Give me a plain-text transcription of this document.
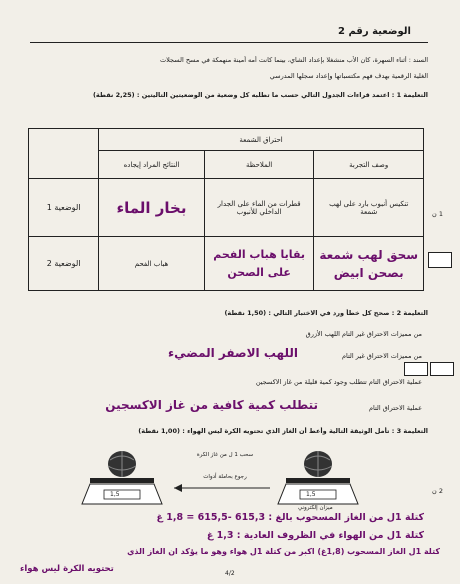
الوضعية رقم 2
السند : أثناء السهرة، كان الأب منشغلا بإعداد الشاي، بينما كانت أمه أمينة منهمكة في مسح السجلات
الغلية الرقمية بهدف فهم مكتسباتها وإعداد سجلها المدرسي
التعليمة 1 : اعتمد قراءات الجدول التالي حسب ما تطلبه كل وضعية من الوضعيتين التاليتين : (2,25 نقطة)
احتراق الشمعة			
وصف التجربة	الملاحظة	النتائج المراد إيجاده	
تنكيس أنبوب بارد على لهب شمعة	قطرات من الماء على الجدار الداخلي للأنبوب	بخار الماء	الوضعية 1
سحق لهب شمعة بصحن ابيض	بقايا هباب الفحم على الصحن	هباب الفحم	الوضعية 2
1 ن
2 ن
التعليمة 2 : صحح كل خطأ ورد في الاختبار التالي : (1,50 نقطة)
من مميزات الاحتراق غير التام اللهب الأزرق
من مميزات الاحتراق غير التام
اللهب الاصفر المضيء
عملية الاحتراق التام تتطلب وجود كمية قليلة من غاز الاكسجين
عملية الاحتراق التام
تتطلب كمية كافية من غاز الاكسجين
التعليمة 3 : تأمل الوثيقة التالية وأعط أن الغاز الذي تحتويه الكرة ليس الهواء : (1,00 نقطة)
سحب 1 ل من غاز الكرة
رجوع بحاملة أدوات
ميزان إلكتروني
1,5	1,5
كتلة 1ل من الغاز المسحوب بالغ : 615,3 -615,5 = 1,8 غ
كتلة 1ل من الهواء في الظروف العادية : 1,3 غ
كتلة 1ل الغاز المسحوب (1,8غ) اكبر من كتلة 1ل هواء وهو ما يؤكد ان الغاز الذي
تحتويه الكرة ليس هواء	4/2
